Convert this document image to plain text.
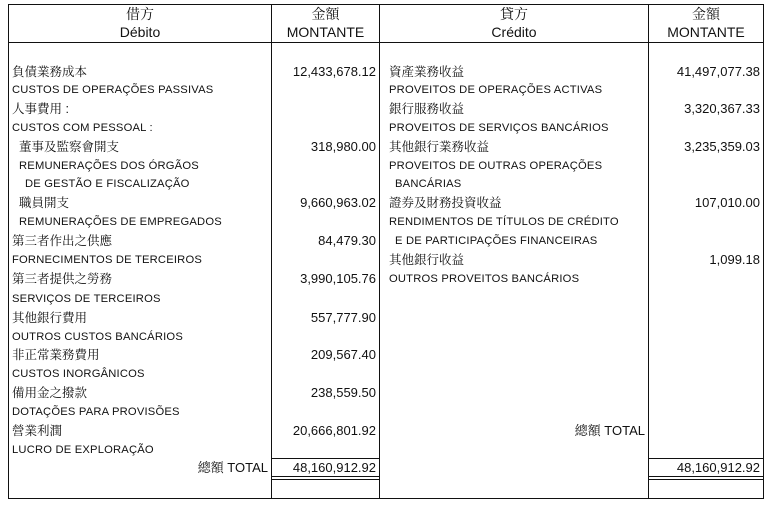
借方
Débito
金額
MONTANTE
貸方
Crédito
金額
MONTANTE
負債業務成本
CUSTOS DE OPERAÇÕES PASSIVAS
12,433,678.12
人事費用 :
CUSTOS COM PESSOAL :
董事及監察會開支
REMUNERAÇÕES DOS ÓRGÃOS
DE GESTÃO E FISCALIZAÇÃO
318,980.00
職員開支
REMUNERAÇÕES DE EMPREGADOS
9,660,963.02
第三者作出之供應
FORNECIMENTOS DE TERCEIROS
84,479.30
第三者提供之勞務
SERVIÇOS DE TERCEIROS
3,990,105.76
其他銀行費用
OUTROS CUSTOS BANCÁRIOS
557,777.90
非正常業務費用
CUSTOS INORGÂNICOS
209,567.40
備用金之撥款
DOTAÇÕES PARA PROVISÕES
238,559.50
營業利潤
LUCRO DE EXPLORAÇÃO
20,666,801.92
資產業務收益
PROVEITOS DE OPERAÇÕES ACTIVAS
41,497,077.38
銀行服務收益
PROVEITOS DE SERVIÇOS BANCÁRIOS
3,320,367.33
其他銀行業務收益
PROVEITOS DE OUTRAS OPERAÇÕES
BANCÁRIAS
3,235,359.03
證券及財務投資收益
RENDIMENTOS DE TÍTULOS DE CRÉDITO
E DE PARTICIPAÇÕES FINANCEIRAS
107,010.00
其他銀行收益
OUTROS PROVEITOS BANCÁRIOS
1,099.18
總額 TOTAL	48,160,912.92
總額 TOTAL
48,160,912.92
